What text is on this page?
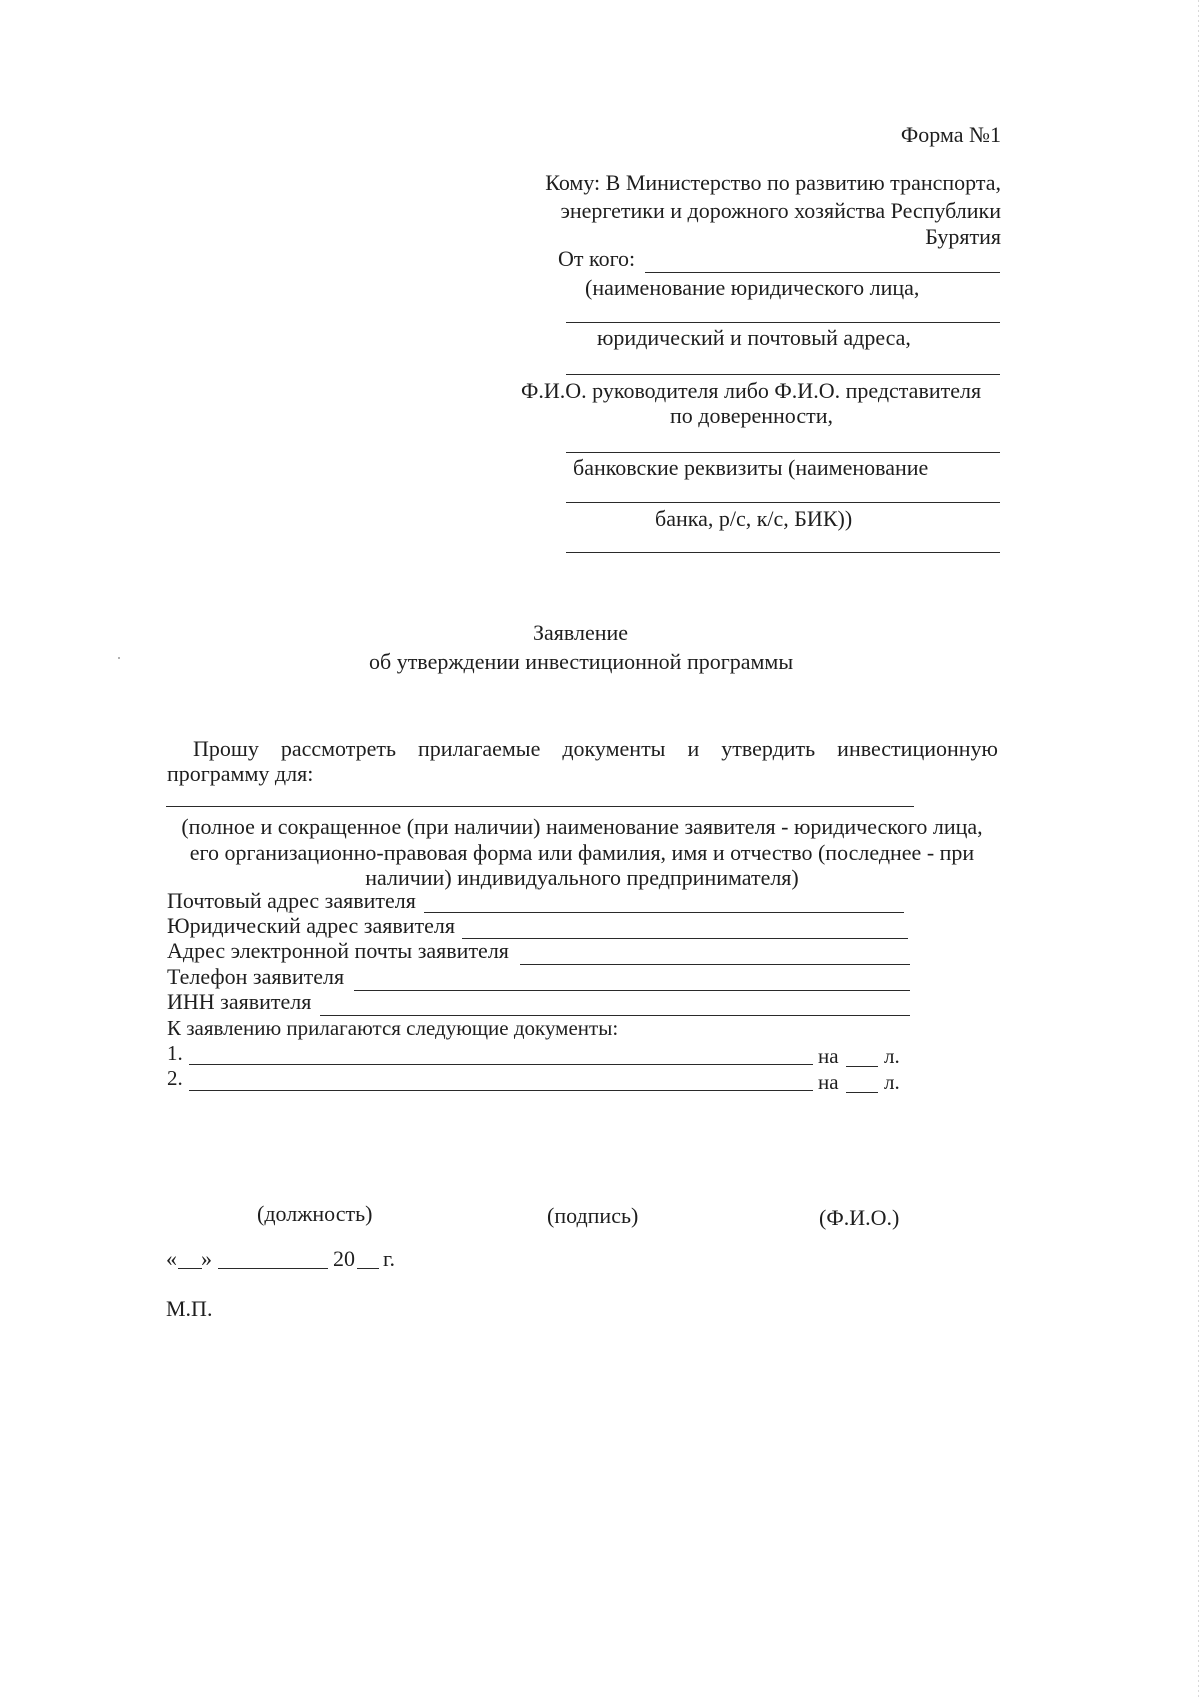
Форма №1
Кому: В Министерство по развитию транспорта,
энергетики и дорожного хозяйства Республики
Бурятия
От кого:
(наименование юридического лица,
юридический и почтовый адреса,
Ф.И.О. руководителя либо Ф.И.О. представителя
по доверенности,
банковские реквизиты (наименование
банка, р/с, к/с, БИК))
Заявление
об утверждении инвестиционной программы
Прошу рассмотреть прилагаемые документы и утвердить инвестиционную
программу для:
(полное и сокращенное (при наличии) наименование заявителя - юридического лица,
его организационно-правовая форма или фамилия, имя и отчество (последнее - при
наличии) индивидуального предпринимателя)
Почтовый адрес заявителя
Юридический адрес заявителя
Адрес электронной почты заявителя
Телефон заявителя
ИНН заявителя
К заявлению прилагаются следующие документы:
1.	на л.
2.	на л.
(должность)	(подпись)	(Ф.И.О.)
« »	20 г.
М.П.
